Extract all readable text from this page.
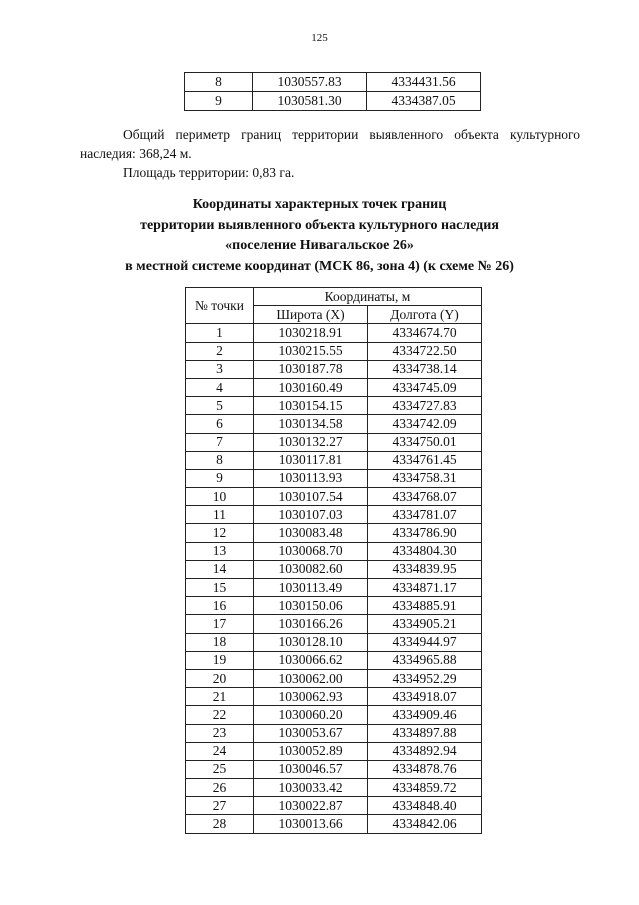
125
8	1030557.83	4334431.56
9	1030581.30	4334387.05

Общий периметр границ территории выявленного объекта культурного наследия: 368,24 м.

Площадь территории: 0,83 га.

Координаты характерных точек границ
территории выявленного объекта культурного наследия
«поселение Нивагальское 26»
в местной системе координат (МСК 86, зона 4) (к схеме № 26)
№ точки	Координаты, м	
	Широта (X)	Долгота (Y)
1	1030218.91	4334674.70
2	1030215.55	4334722.50
3	1030187.78	4334738.14
4	1030160.49	4334745.09
5	1030154.15	4334727.83
6	1030134.58	4334742.09
7	1030132.27	4334750.01
8	1030117.81	4334761.45
9	1030113.93	4334758.31
10	1030107.54	4334768.07
11	1030107.03	4334781.07
12	1030083.48	4334786.90
13	1030068.70	4334804.30
14	1030082.60	4334839.95
15	1030113.49	4334871.17
16	1030150.06	4334885.91
17	1030166.26	4334905.21
18	1030128.10	4334944.97
19	1030066.62	4334965.88
20	1030062.00	4334952.29
21	1030062.93	4334918.07
22	1030060.20	4334909.46
23	1030053.67	4334897.88
24	1030052.89	4334892.94
25	1030046.57	4334878.76
26	1030033.42	4334859.72
27	1030022.87	4334848.40
28	1030013.66	4334842.06
